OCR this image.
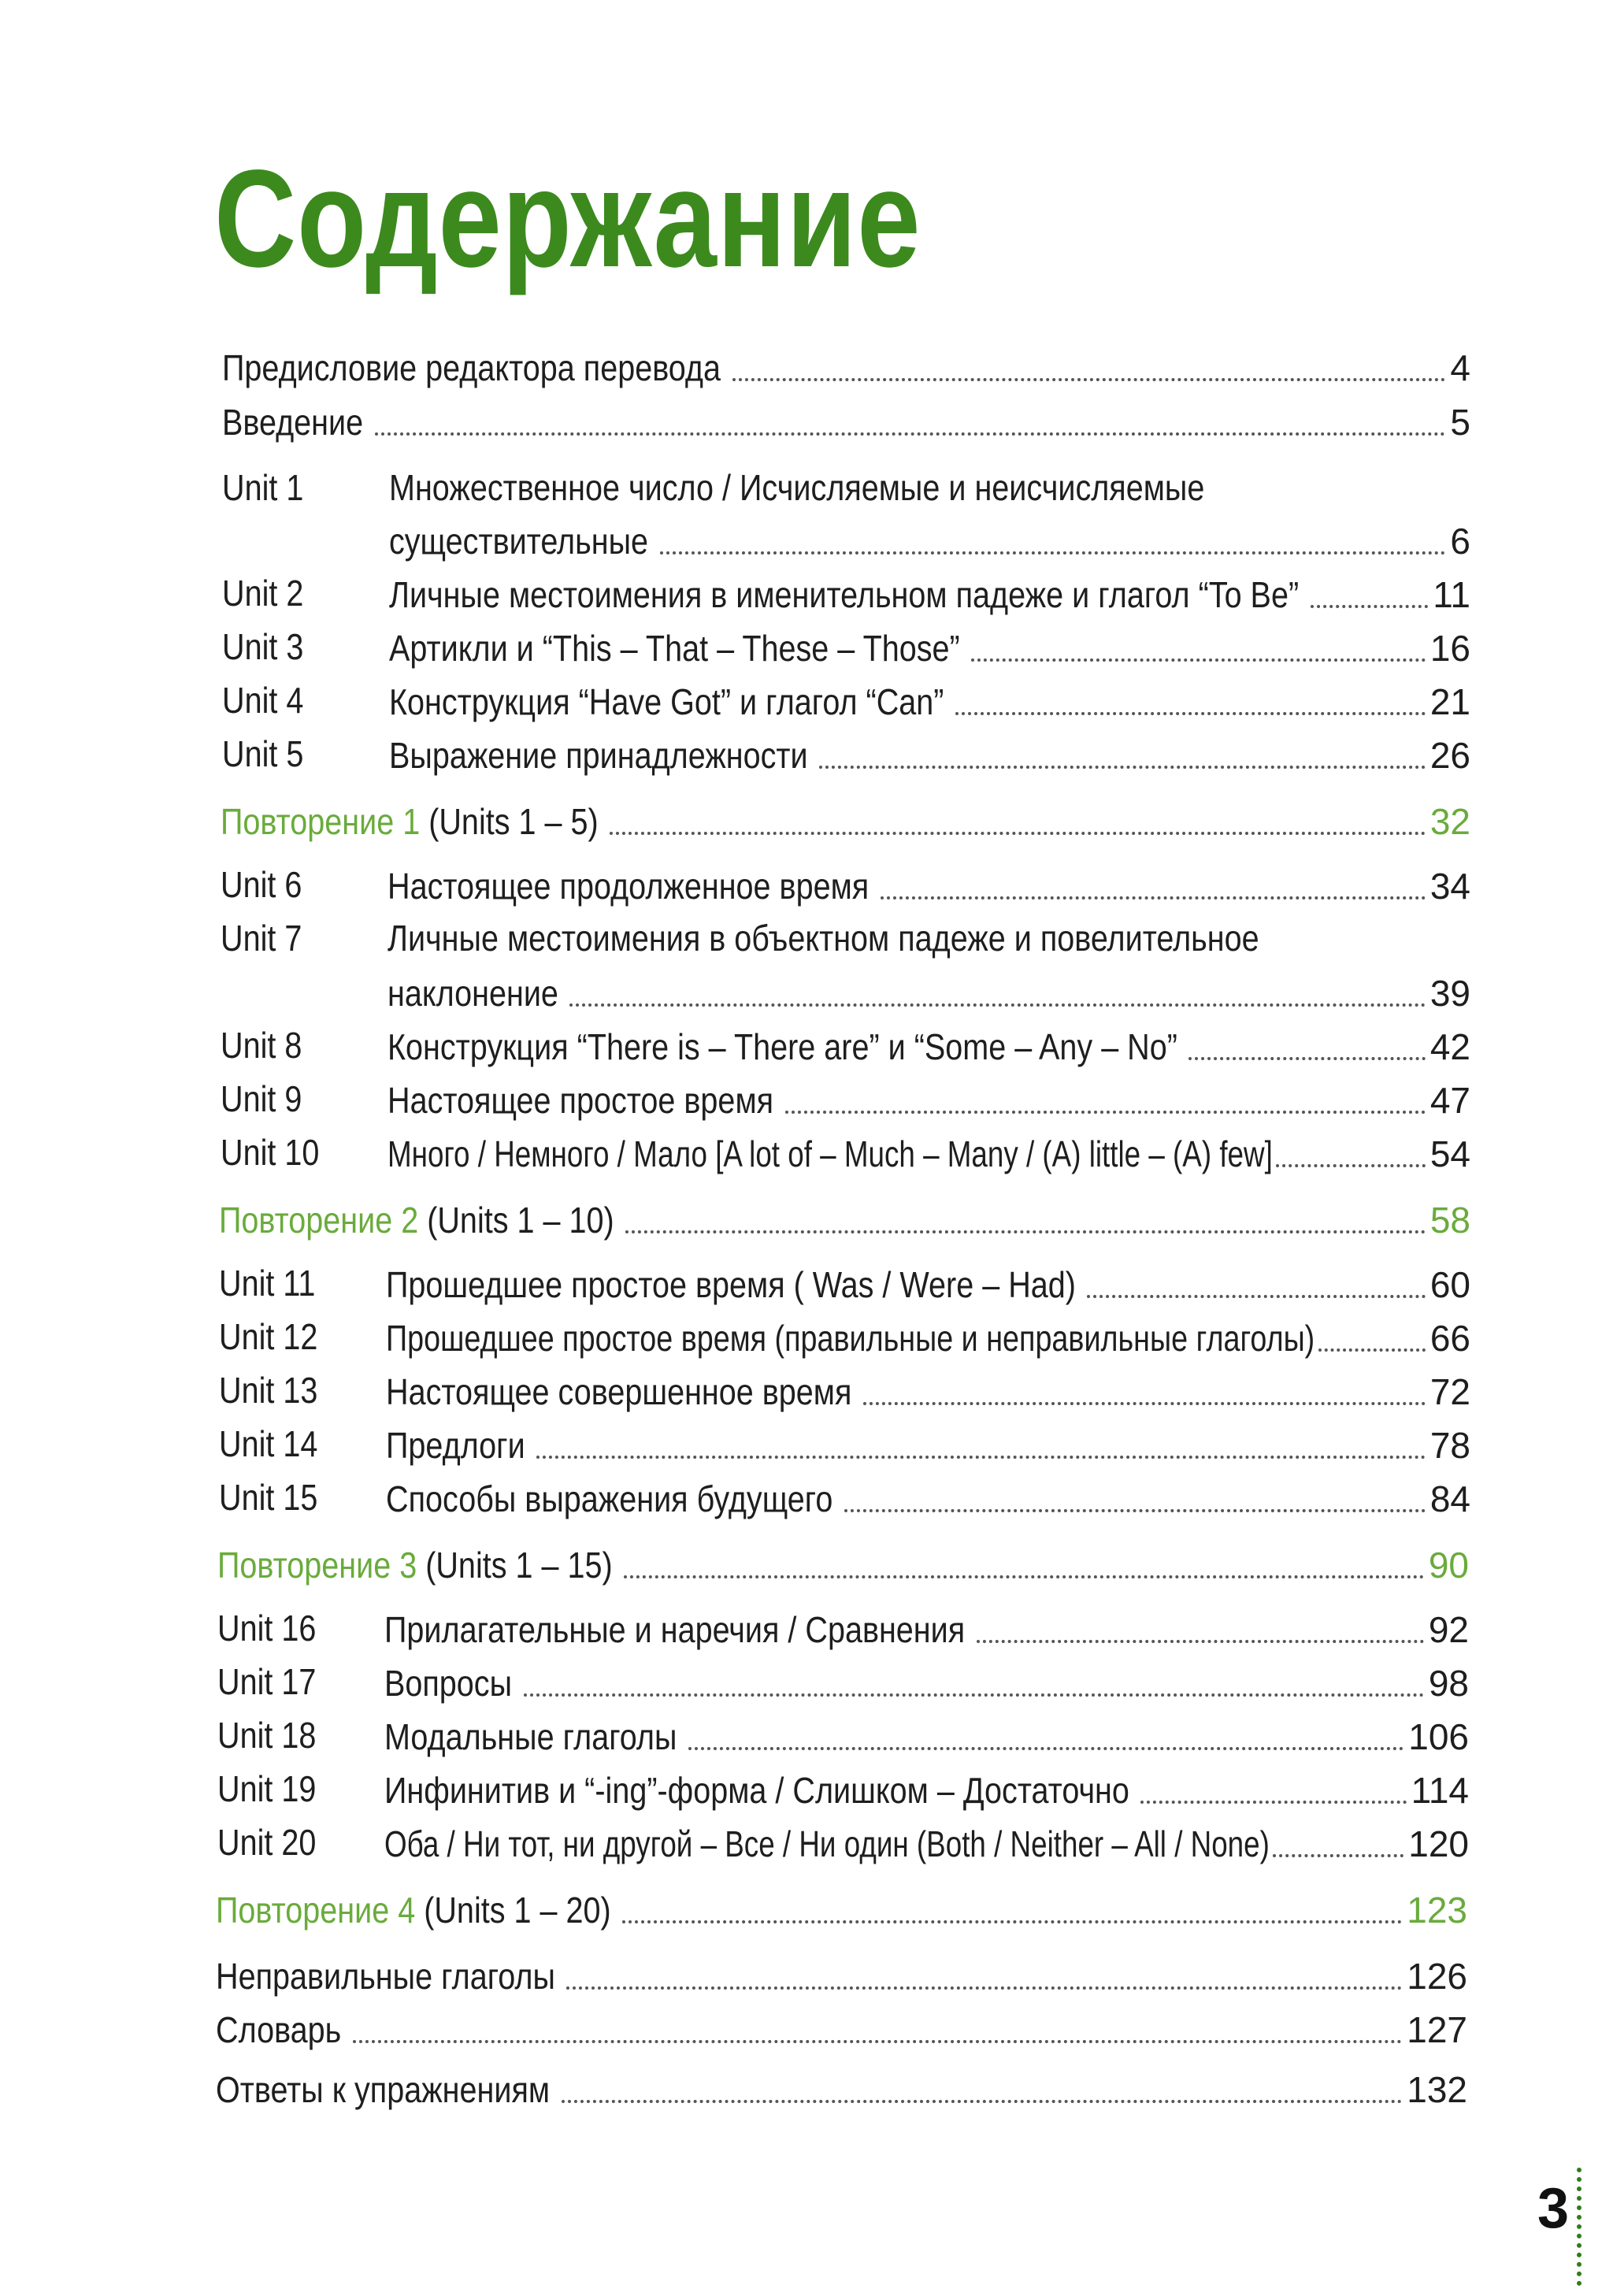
Содержание
Предисловие редактора перевода	4
Введение	5
Unit 1	Множественное число / Исчисляемые и неисчисляемые
существительные	6
Unit 2	Личные местоимения в именительном падеже и глагол “To Be”	11
Unit 3	Артикли и “This – That – These – Those”	16
Unit 4	Конструкция “Have Got” и глагол “Can”	21
Unit 5	Выражение принадлежности	26
Повторение 1 (Units 1 – 5)	32
Unit 6	Настоящее продолженное время	34
Unit 7	Личные местоимения в объектном падеже и повелительное
наклонение	39
Unit 8	Конструкция “There is – There are” и “Some – Any – No”	42
Unit 9	Настоящее простое время	47
Unit 10	Много / Немного / Мало [A lot of – Much – Many / (A) little – (A) few]	54
Повторение 2 (Units 1 – 10)	58
Unit 11	Прошедшее простое время ( Was / Were – Had)	60
Unit 12	Прошедшее простое время (правильные и неправильные глаголы)	66
Unit 13	Настоящее совершенное время	72
Unit 14	Предлоги	78
Unit 15	Способы выражения будущего	84
Повторение 3 (Units 1 – 15)	90
Unit 16	Прилагательные и наречия / Сравнения	92
Unit 17	Вопросы	98
Unit 18	Модальные глаголы	106
Unit 19	Инфинитив и “-ing”-форма / Слишком – Достаточно	114
Unit 20	Оба / Ни тот, ни другой – Все / Ни один (Both / Neither – All / None)	120
Повторение 4 (Units 1 – 20)	123
Неправильные глаголы	126
Словарь	127
Ответы к упражнениям	132
3
